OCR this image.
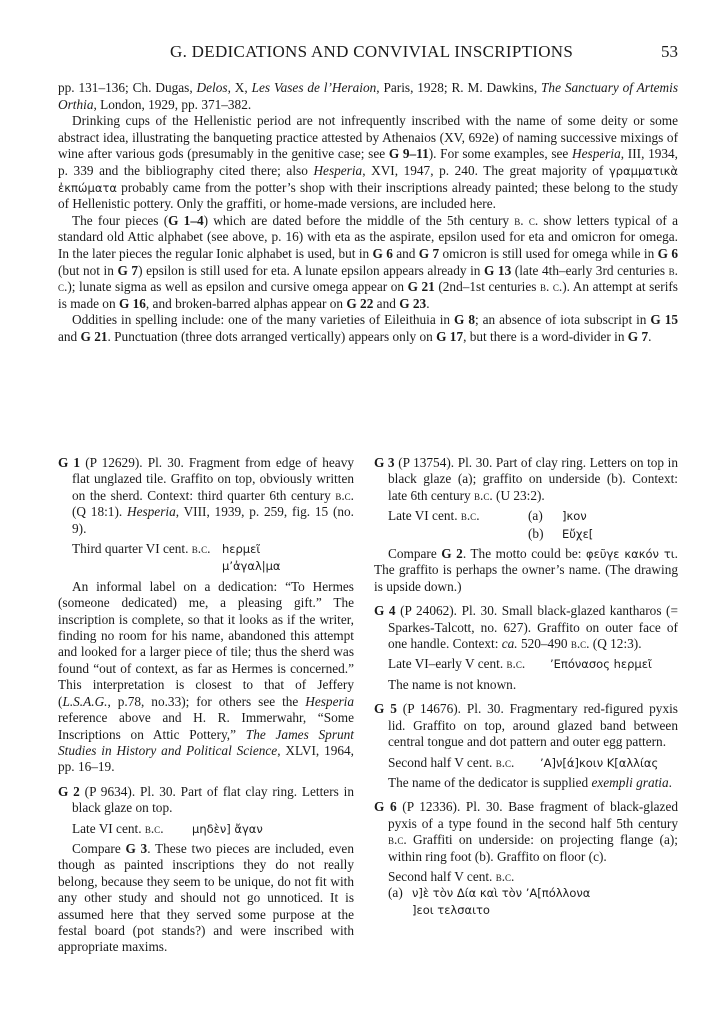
G. DEDICATIONS AND CONVIVIAL INSCRIPTIONS	53

pp. 131–136; Ch. Dugas, Delos, X, Les Vases de l’Heraion, Paris, 1928; R. M. Dawkins, The Sanctuary of Artemis Orthia, London, 1929, pp. 371–382.

Drinking cups of the Hellenistic period are not infrequently inscribed with the name of some deity or some abstract idea, illustrating the banqueting practice attested by Athenaios (XV, 692e) of naming successive mixings of wine after various gods (presumably in the genitive case; see G 9–11). For some examples, see Hesperia, III, 1934, p. 339 and the bibliography cited there; also Hesperia, XVI, 1947, p. 240. The great majority of γραμματικὰ ἐκπώματα probably came from the potter’s shop with their inscriptions already painted; these belong to the study of Hellenistic pottery. Only the graffiti, or home-made versions, are included here.

The four pieces (G 1–4) which are dated before the middle of the 5th century b. c. show letters typical of a standard old Attic alphabet (see above, p. 16) with eta as the aspirate, epsilon used for eta and omicron for omega. In the later pieces the regular Ionic alphabet is used, but in G 6 and G 7 omicron is still used for omega while in G 6 (but not in G 7) epsilon is still used for eta. A lunate epsilon appears already in G 13 (late 4th–early 3rd centuries b. c.); lunate sigma as well as epsilon and cursive omega appear on G 21 (2nd–1st centuries b. c.). An attempt at serifs is made on G 16, and broken-barred alphas appear on G 22 and G 23.

Oddities in spelling include: one of the many varieties of Eileithuia in G 8; an absence of iota subscript in G 15 and G 21. Punctuation (three dots arranged vertically) appears only on G 17, but there is a word-divider in G 7.

G 1 (P 12629). Pl. 30. Fragment from edge of heavy flat unglazed tile. Graffito on top, obviously written on the sherd. Context: third quarter 6th century b.c. (Q 18:1). Hesperia, VIII, 1939, p. 259, fig. 15 (no. 9).

Third quarter VI cent. b.c.	hερμεῖ
μ’ἀγαλ|μα

An informal label on a dedication: “To Hermes (someone dedicated) me, a pleasing gift.” The inscription is complete, so that it looks as if the writer, finding no room for his name, abandoned this attempt and looked for a larger piece of tile; thus the sherd was found “out of context, as far as Hermes is concerned.” This interpretation is closest to that of Jeffery (L.S.A.G., p.78, no.33); for others see the Hesperia reference above and H. R. Immerwahr, “Some Inscriptions on Attic Pottery,” The James Sprunt Studies in History and Political Science, XLVI, 1964, pp. 16–19.

G 2 (P 9634). Pl. 30. Part of flat clay ring. Letters in black glaze on top.

Late VI cent. b.c.	μηδὲν] ἄγαν

Compare G 3. These two pieces are included, even though as painted inscriptions they do not really belong, because they seem to be unique, do not fit with any other study and should not go unnoticed. It is assumed here that they served some purpose at the festal board (pot stands?) and were inscribed with appropriate maxims.

G 3 (P 13754). Pl. 30. Part of clay ring. Letters on top in black glaze (a); graffito on underside (b). Context: late 6th century b.c. (U 23:2).

Late VI cent. b.c.	(a)	]κον
(b)	Εὔχε[

Compare G 2. The motto could be: φεῦγε κακόν τι. The graffito is perhaps the owner’s name. (The drawing is upside down.)

G 4 (P 24062). Pl. 30. Small black-glazed kantharos (= Sparkes-Talcott, no. 627). Graffito on outer face of one handle. Context: ca. 520–490 b.c. (Q 12:3).

Late VI–early V cent. b.c.	’Επόνασος hερμεῖ

The name is not known.

G 5 (P 14676). Pl. 30. Fragmentary red-figured pyxis lid. Graffito on top, around glazed band between central tongue and dot pattern and outer egg pattern.

Second half V cent. b.c.	’Α]ν[ά]κοιν Κ[αλλίας

The name of the dedicator is supplied exempli gratia.

G 6 (P 12336). Pl. 30. Base fragment of black-glazed pyxis of a type found in the second half 5th century b.c. Graffiti on underside: on projecting flange (a); within ring foot (b). Graffito on floor (c).

Second half V cent. b.c.
(a) ν]ὲ τὸν Δία καὶ τὸν ’Α[πόλλονα
]εοι τελσαιτο
